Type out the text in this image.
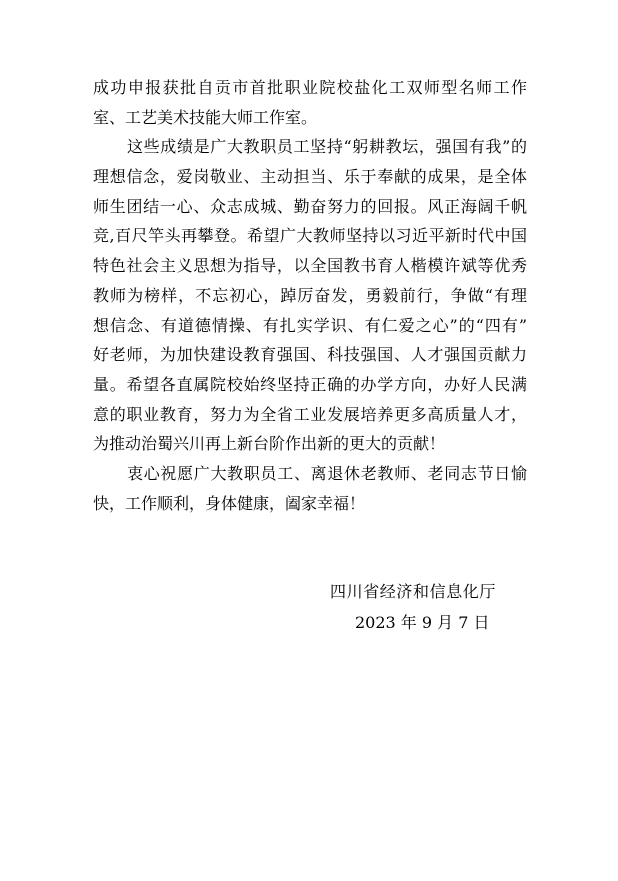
成功申报获批自贡市首批职业院校盐化工双师型名师工作
室、工艺美术技能大师工作室。
这些成绩是广大教职员工坚持“躬耕教坛，强国有我”的
理想信念，爱岗敬业、主动担当、乐于奉献的成果，是全体
师生团结一心、众志成城、勤奋努力的回报。风正海阔千帆
竞,百尺竿头再攀登。希望广大教师坚持以习近平新时代中国
特色社会主义思想为指导，以全国教书育人楷模许斌等优秀
教师为榜样，不忘初心，踔厉奋发，勇毅前行，争做“有理
想信念、有道德情操、有扎实学识、有仁爱之心”的“四有”
好老师，为加快建设教育强国、科技强国、人才强国贡献力
量。希望各直属院校始终坚持正确的办学方向，办好人民满
意的职业教育，努力为全省工业发展培养更多高质量人才，
为推动治蜀兴川再上新台阶作出新的更大的贡献！
衷心祝愿广大教职员工、离退休老教师、老同志节日愉
快，工作顺利，身体健康，阖家幸福！
四川省经济和信息化厅
2023 年 9 月 7 日
